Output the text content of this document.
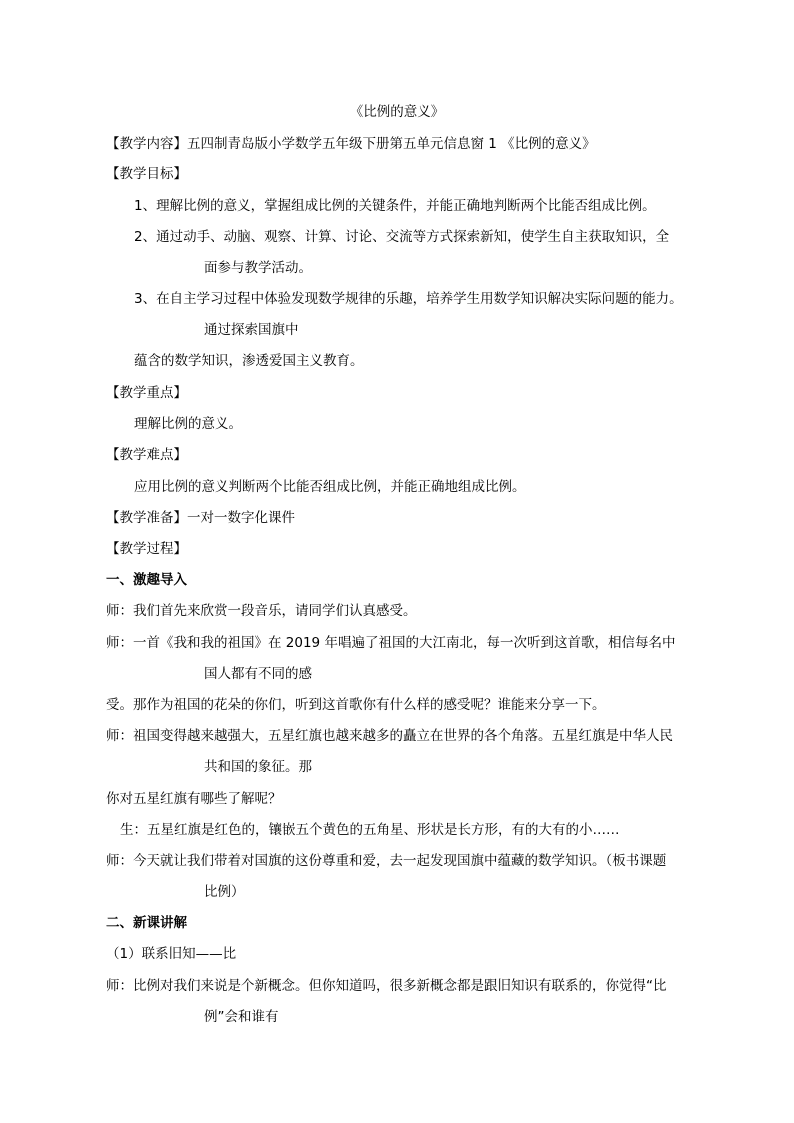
《比例的意义》
【教学内容】五四制青岛版小学数学五年级下册第五单元信息窗 1 《比例的意义》
【教学目标】
1、理解比例的意义，掌握组成比例的关键条件，并能正确地判断两个比能否组成比例。
2、通过动手、动脑、观察、计算、讨论、交流等方式探索新知，使学生自主获取知识，全
面参与教学活动。
3、在自主学习过程中体验发现数学规律的乐趣，培养学生用数学知识解决实际问题的能力。
通过探索国旗中
蕴含的数学知识，渗透爱国主义教育。
【教学重点】
理解比例的意义。
【教学难点】
应用比例的意义判断两个比能否组成比例，并能正确地组成比例。
【教学准备】一对一数字化课件
【教学过程】
一、激趣导入
师：我们首先来欣赏一段音乐，请同学们认真感受。
师：一首《我和我的祖国》在 2019 年唱遍了祖国的大江南北，每一次听到这首歌，相信每名中
国人都有不同的感
受。那作为祖国的花朵的你们，听到这首歌你有什么样的感受呢？谁能来分享一下。
师：祖国变得越来越强大，五星红旗也越来越多的矗立在世界的各个角落。五星红旗是中华人民
共和国的象征。那
你对五星红旗有哪些了解呢？
生：五星红旗是红色的，镶嵌五个黄色的五角星、形状是长方形，有的大有的小……
师：今天就让我们带着对国旗的这份尊重和爱，去一起发现国旗中蕴藏的数学知识。（板书课题
比例）
二、新课讲解
（1）联系旧知——比
师：比例对我们来说是个新概念。但你知道吗，很多新概念都是跟旧知识有联系的，你觉得“比
例”会和谁有
